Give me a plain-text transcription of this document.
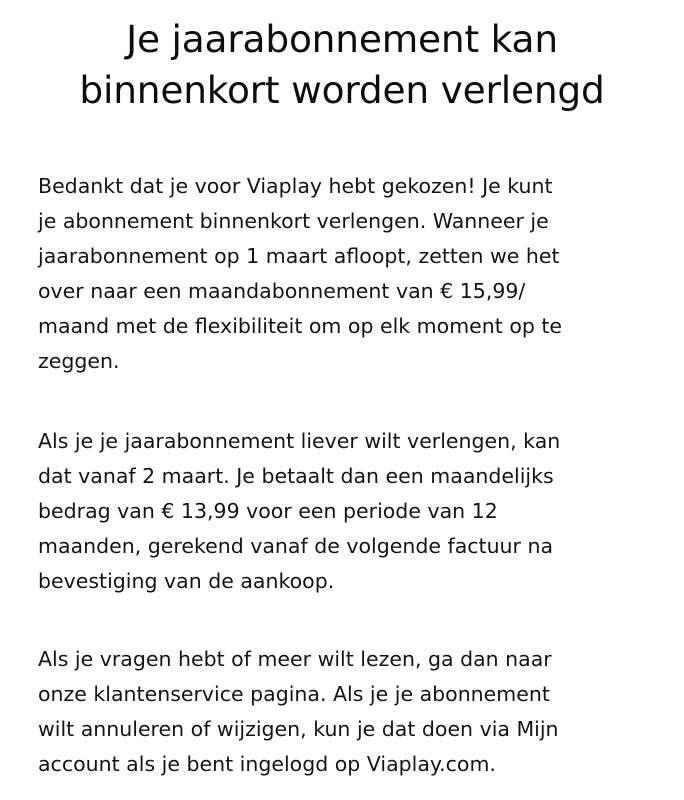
Je jaarabonnement kan
binnenkort worden verlengd

Bedankt dat je voor Viaplay hebt gekozen! Je kunt
je abonnement binnenkort verlengen. Wanneer je
jaarabonnement op 1 maart afloopt, zetten we het
over naar een maandabonnement van € 15,99/
maand met de flexibiliteit om op elk moment op te
zeggen.

Als je je jaarabonnement liever wilt verlengen, kan
dat vanaf 2 maart. Je betaalt dan een maandelijks
bedrag van € 13,99 voor een periode van 12
maanden, gerekend vanaf de volgende factuur na
bevestiging van de aankoop.

Als je vragen hebt of meer wilt lezen, ga dan naar
onze klantenservice pagina. Als je je abonnement
wilt annuleren of wijzigen, kun je dat doen via Mijn
account als je bent ingelogd op Viaplay.com.
